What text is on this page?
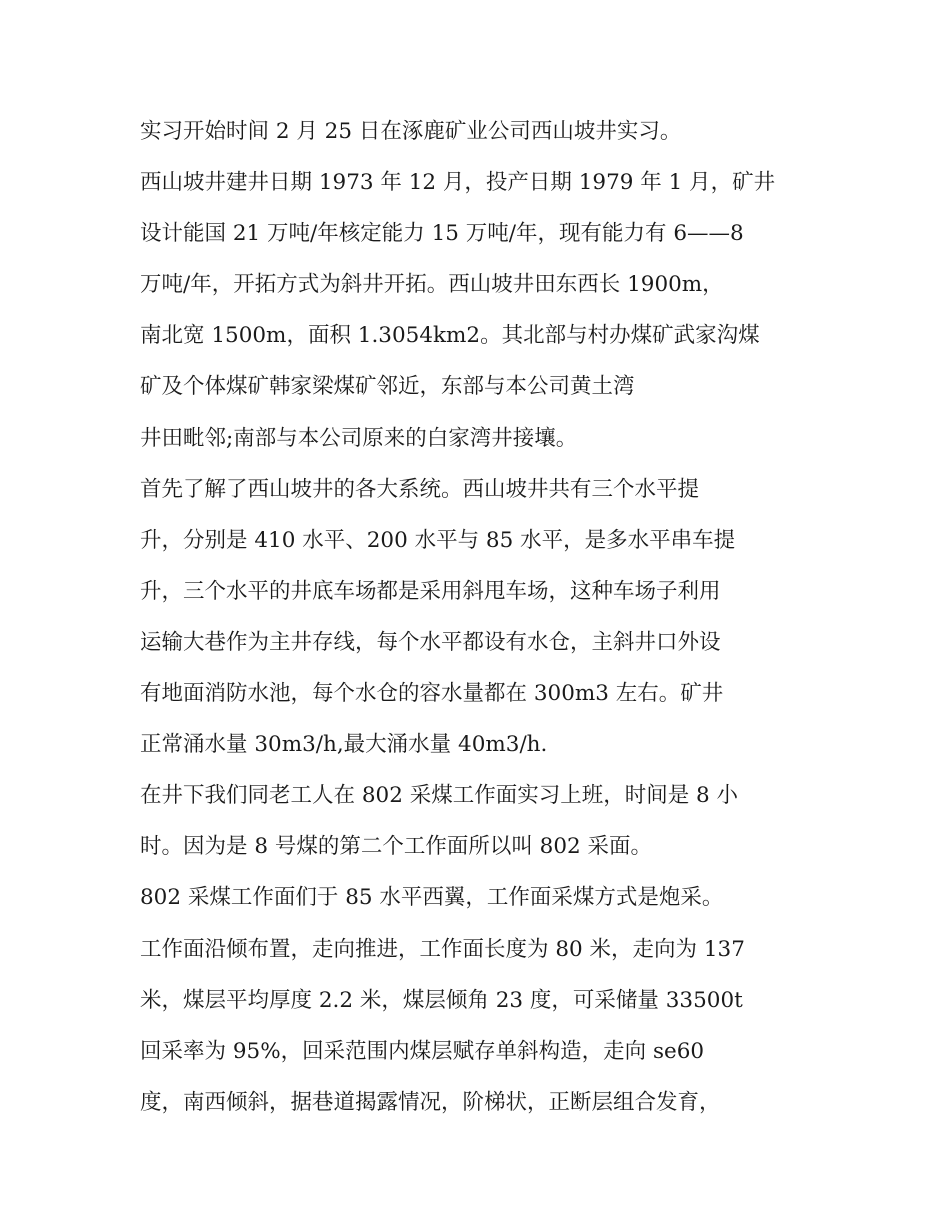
实习开始时间 2 月 25 日在涿鹿矿业公司西山坡井实习。
西山坡井建井日期 1973 年 12 月，投产日期 1979 年 1 月，矿井
设计能国 21 万吨/年核定能力 15 万吨/年，现有能力有 6——8
万吨/年，开拓方式为斜井开拓。西山坡井田东西长 1900m，
南北宽 1500m，面积 1.3054km2。其北部与村办煤矿武家沟煤
矿及个体煤矿韩家梁煤矿邻近，东部与本公司黄土湾
井田毗邻;南部与本公司原来的白家湾井接壤。
首先了解了西山坡井的各大系统。西山坡井共有三个水平提
升，分别是 410 水平、200 水平与 85 水平，是多水平串车提
升，三个水平的井底车场都是采用斜甩车场，这种车场子利用
运输大巷作为主井存线，每个水平都设有水仓，主斜井口外设
有地面消防水池，每个水仓的容水量都在 300m3 左右。矿井
正常涌水量 30m3/h,最大涌水量 40m3/h.
在井下我们同老工人在 802 采煤工作面实习上班，时间是 8 小
时。因为是 8 号煤的第二个工作面所以叫 802 采面。
802 采煤工作面们于 85 水平西翼，工作面采煤方式是炮采。
工作面沿倾布置，走向推进，工作面长度为 80 米，走向为 137
米，煤层平均厚度 2.2 米，煤层倾角 23 度，可采储量 33500t
回采率为 95%，回采范围内煤层赋存单斜构造，走向 se60
度，南西倾斜，据巷道揭露情况，阶梯状，正断层组合发育，
